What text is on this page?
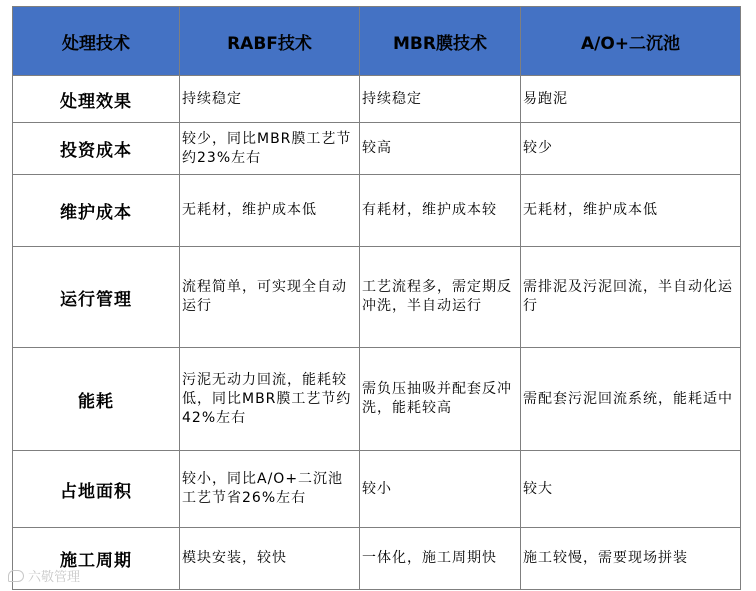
处理技术	RABF技术	MBR膜技术	A/O+二沉池
处理效果	持续稳定	持续稳定	易跑泥
投资成本	较少，同比MBR膜工艺节约23%左右	较高	较少
维护成本	无耗材，维护成本低	有耗材，维护成本较	无耗材，维护成本低
运行管理	流程简单，可实现全自动运行	工艺流程多，需定期反冲洗，半自动运行	需排泥及污泥回流，半自动化运行
能耗	污泥无动力回流，能耗较低，同比MBR膜工艺节约42%左右	需负压抽吸并配套反冲洗，能耗较高	需配套污泥回流系统，能耗适中
占地面积	较小，同比A/O+二沉池工艺节省26%左右	较小	较大
施工周期	模块安装，较快	一体化，施工周期快	施工较慢，需要现场拼装
六敬管理
